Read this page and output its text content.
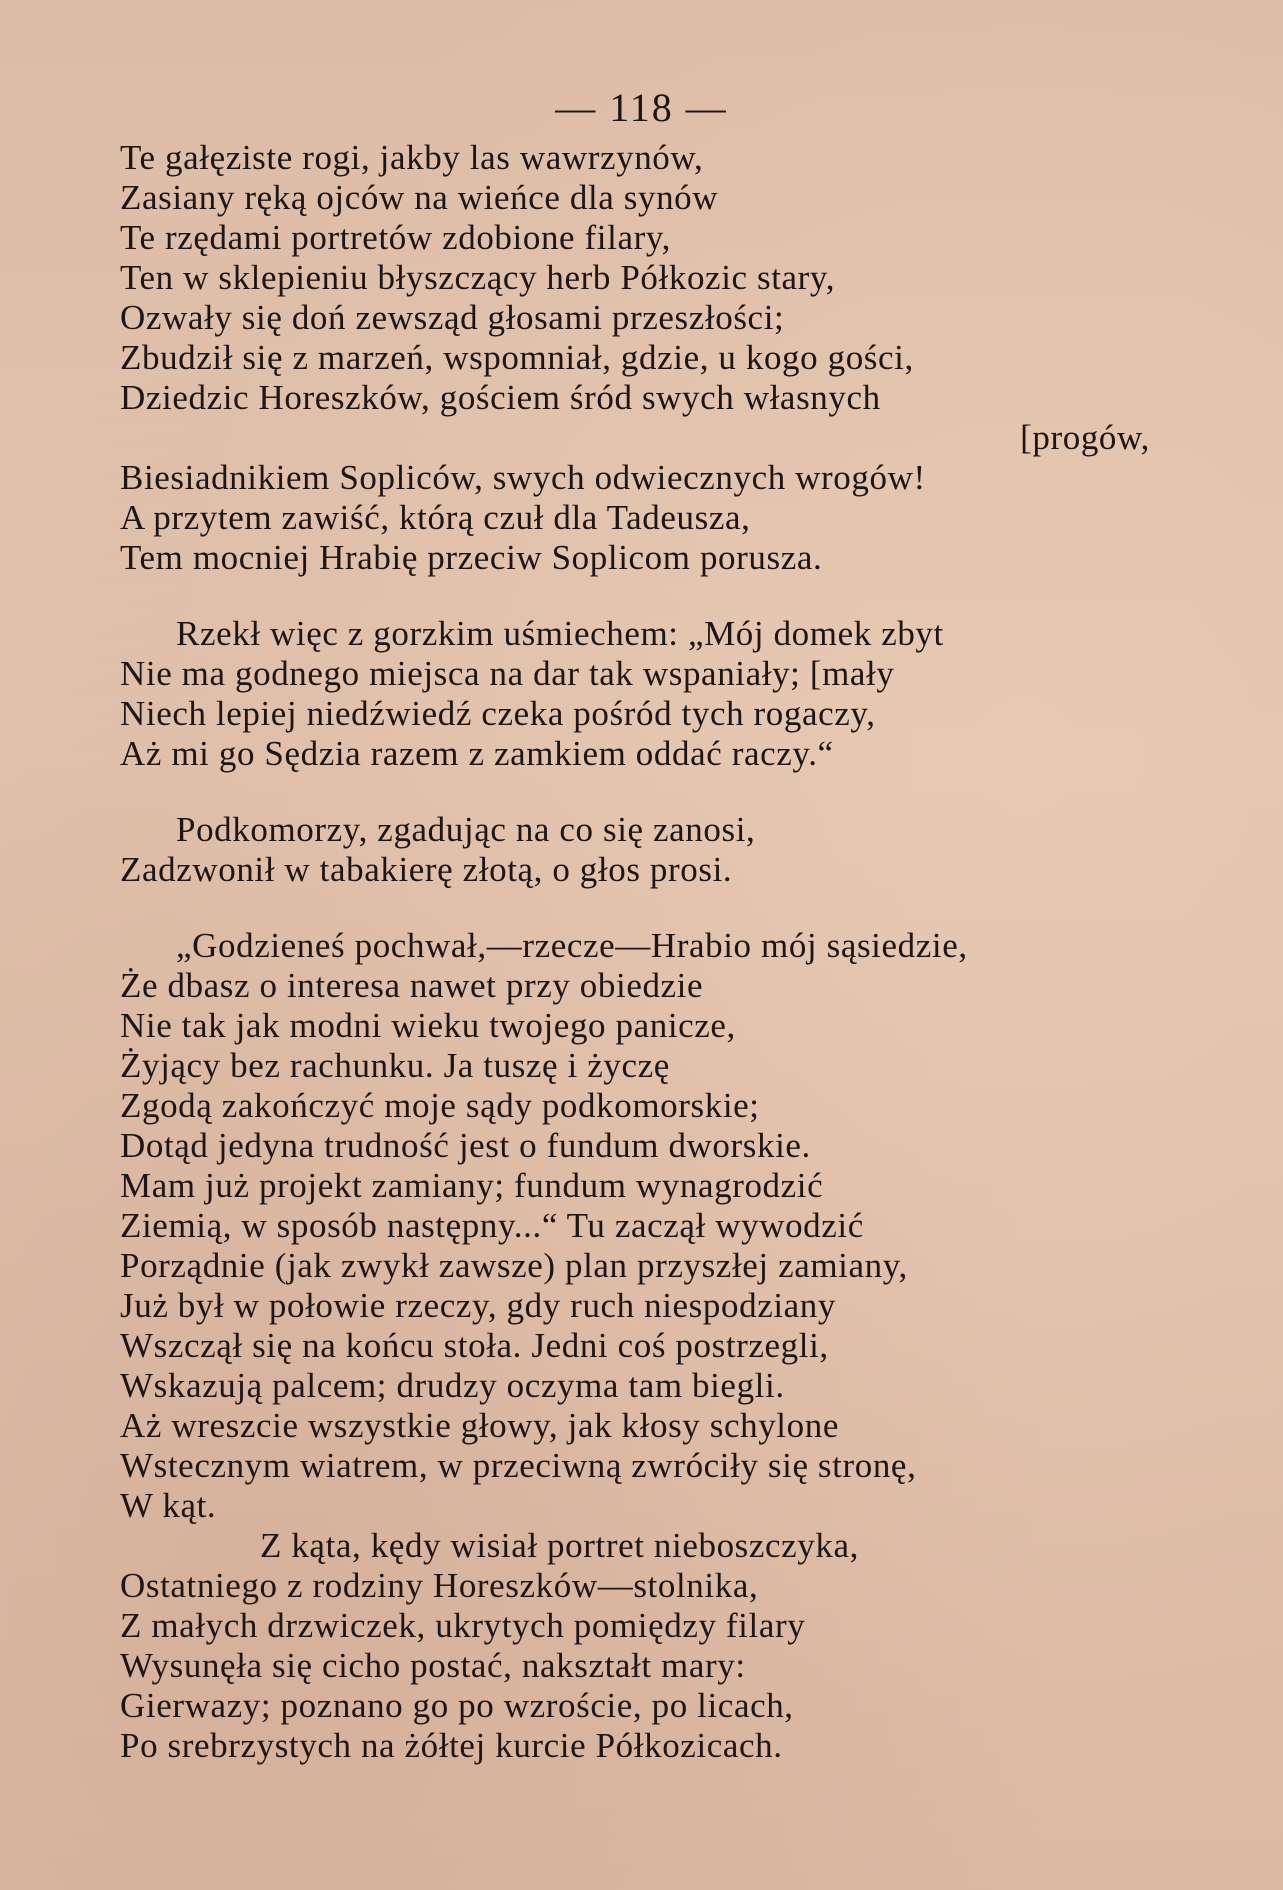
— 118 —
Te gałęziste rogi, jakby las wawrzynów,
Zasiany ręką ojców na wieńce dla synów
Te rzędami portretów zdobione filary,
Ten w sklepieniu błyszczący herb Półkozic stary,
Ozwały się doń zewsząd głosami przeszłości;
Zbudził się z marzeń, wspomniał, gdzie, u kogo gości,
Dziedzic Horeszków, gościem śród swych własnych
[progów,
Biesiadnikiem Sopliców, swych odwiecznych wrogów!
A przytem zawiść, którą czuł dla Tadeusza,
Tem mocniej Hrabię przeciw Soplicom porusza.
Rzekł więc z gorzkim uśmiechem: „Mój domek zbyt
Nie ma godnego miejsca na dar tak wspaniały; [mały
Niech lepiej niedźwiedź czeka pośród tych rogaczy,
Aż mi go Sędzia razem z zamkiem oddać raczy.“
Podkomorzy, zgadując na co się zanosi,
Zadzwonił w tabakierę złotą, o głos prosi.
„Godzieneś pochwał,—rzecze—Hrabio mój sąsiedzie,
Że dbasz o interesa nawet przy obiedzie
Nie tak jak modni wieku twojego panicze,
Żyjący bez rachunku. Ja tuszę i życzę
Zgodą zakończyć moje sądy podkomorskie;
Dotąd jedyna trudność jest o fundum dworskie.
Mam już projekt zamiany; fundum wynagrodzić
Ziemią, w sposób następny...“ Tu zaczął wywodzić
Porządnie (jak zwykł zawsze) plan przyszłej zamiany,
Już był w połowie rzeczy, gdy ruch niespodziany
Wszczął się na końcu stoła. Jedni coś postrzegli,
Wskazują palcem; drudzy oczyma tam biegli.
Aż wreszcie wszystkie głowy, jak kłosy schylone
Wstecznym wiatrem, w przeciwną zwróciły się stronę,
W kąt.
Z kąta, kędy wisiał portret nieboszczyka,
Ostatniego z rodziny Horeszków—stolnika,
Z małych drzwiczek, ukrytych pomiędzy filary
Wysunęła się cicho postać, nakształt mary:
Gierwazy; poznano go po wzroście, po licach,
Po srebrzystych na żółtej kurcie Półkozicach.
